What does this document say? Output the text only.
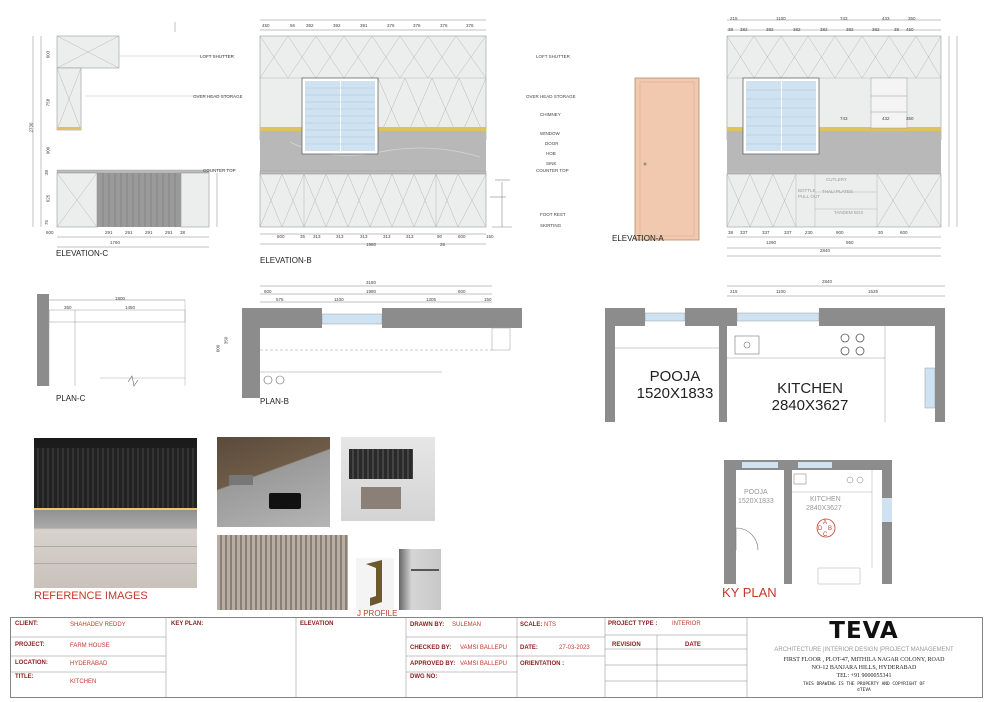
600	291	291	291	291 38
1760
2736
603
758
900
38
625
75
LOFT SHUTTER
OVER HEAD STORAGE
COUNTER TOP
ELEVATION-C
450	56 392	392	391	376	376	376	376
600	35 313	313	313	313	313	90	600	150
1980	26
LOFT SHUTTER
OVER HEAD STORAGE
CHIMNEY
WINDOW
DOOR
HOB
SINK
COUNTER TOP
FOOT REST
SKIRTING
ELEVATION-B
215	1100	743	433	350
38 382	382	382	382	382	382	38 450
743	432	350
CUTLERY
THALI PLATES
TANDEM BOX
BOTTLE PULL OUT
38 337	337	337	230	900	30	600
1290	950
2840
ELEVATION-A
1800
350	1450
PLAN-C
3180
600	1980	600
575	1100	1305	150
600
350
PLAN-B
2840
215	1100	1525
POOJA
1520X1833	KITCHEN
2840X3627
REFERENCE IMAGES
J PROFILE
A
B
C
D
POOJA
1520X1833	KITCHEN
2840X3627
KY PLAN
CLIENT:	SHAHADEV REDDY
PROJECT:	FARM HOUSE
LOCATION:	HYDERABAD
TITLE:
KITCHEN
KEY PLAN:	ELEVATION	DRAWN BY: SULEMAN
CHECKED BY: VAMSI BALLEPU
APPROVED BY: VAMSI BALLEPU
DWG NO:
SCALE: NTS
DATE:	27-03-2023
ORIENTATION :
PROJECT TYPE : INTERIOR
REVISION	DATE
TEVA
ARCHITECTURE |INTERIOR DESIGN |PROJECT MANAGEMENT
FIRST FLOOR , PLOT-47, MITHILA NAGAR COLONY, ROAD
NO-12 BANJARA HILLS, HYDERABAD
TEL: +91 9000055341
THIS DRAWING IS THE PROPERTY AND COPYRIGHT OF
©TEVA
